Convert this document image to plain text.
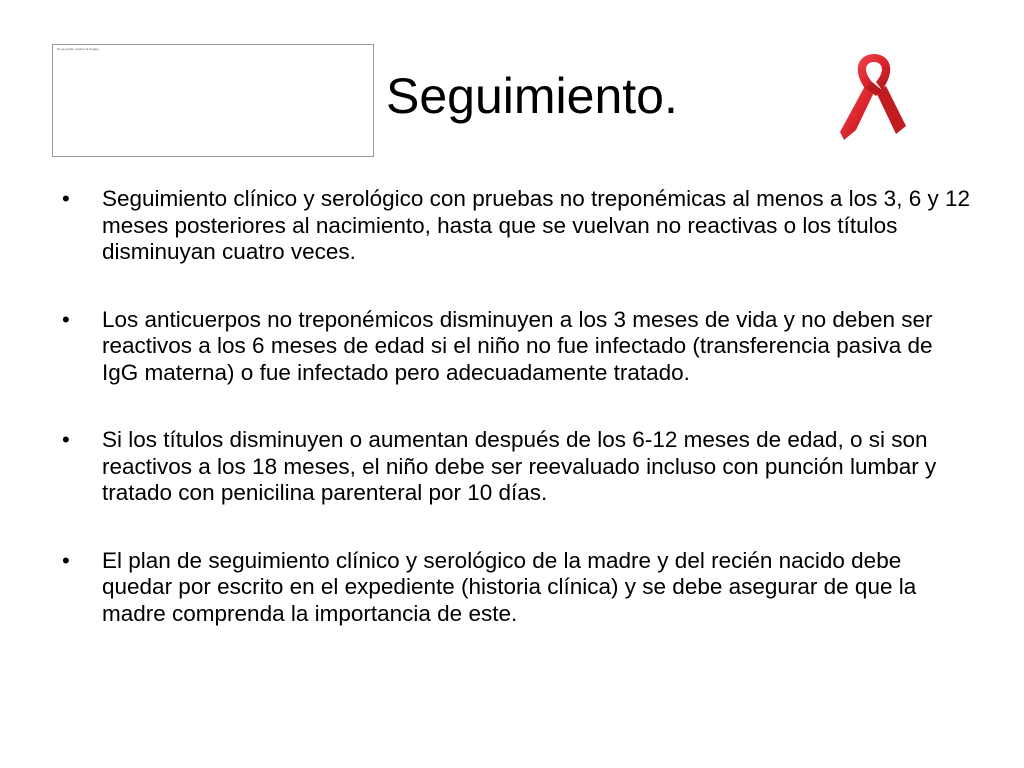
No se puede mostrar la imagen.
Seguimiento.
•	Seguimiento clínico y serológico con pruebas no treponémicas al menos a los 3, 6 y 12 meses posteriores al nacimiento, hasta que se vuelvan no reactivas o los títulos disminuyan cuatro veces.
•	Los anticuerpos no treponémicos disminuyen a los 3 meses de vida y no deben ser reactivos a los 6 meses de edad si el niño no fue infectado (transferencia pasiva de IgG materna) o fue infectado pero adecuadamente tratado.
•	Si los títulos disminuyen o aumentan después de los 6-12 meses de edad, o si son reactivos a los 18 meses, el niño debe ser reevaluado incluso con punción lumbar y tratado con penicilina parenteral por 10 días.
•	El plan de seguimiento clínico y serológico de la madre y del recién nacido debe quedar por escrito en el expediente (historia clínica) y se debe asegurar de que la madre comprenda la importancia de este.
